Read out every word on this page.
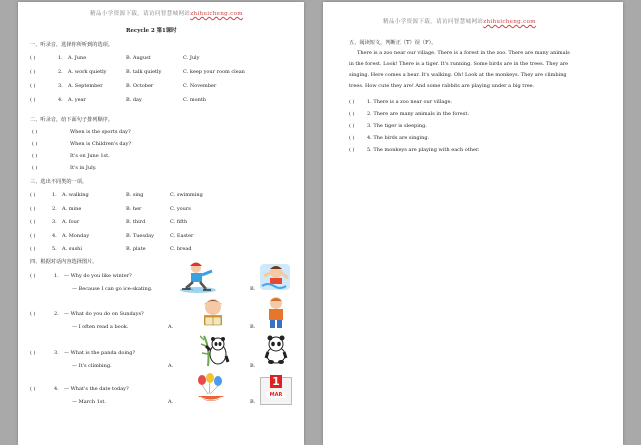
精品小学资源下载，请访问智慧城网站zhihuicheng.com
Recycle 2 第1课时
一、听录音，选择你所听到的选项。
二、听录音，给下面句子排列顺序。
三、选出不同类的一项。
四、根据对话内容选择图片。
1
MAR
( )	1. A. June	B. August	C. July
( )	2. A. work quietly	B. talk quietly	C. keep your room clean
( )	3. A. September	B. October	C. November
( )	4. A. year	B. day	C. month
( )	When is the sports day?
( )	When is Children's day?
( )	It's on June 1st.
( )	It's in July.
( )	1. A. walking	B. sing	C. swimming
( )	2. A. mine	B. her	C. yours
( )	3. A. four	B. third	C. fifth
( )	4. A. Monday	B. Tuesday	C. Easter
( )	5. A. sushi	B. plate	C. bread
( )	1. — Why do you like winter?
— Because I can go ice-skating.	A.	B.
( )	2. — What do you do on Sundays?
— I often read a book.	A.	B.
( )	3. — What is the panda doing?
— It's climbing.	A.	B.
( )	4. — What's the date today?
— March 1st.	A.	B.
精品小学资源下载，请访问智慧城网站zhihuicheng.com
五、阅读短文，判断正（T）误（F）。
There is a zoo near our village. There is a forest in the zoo. There are many animals
in the forest. Look! There is a tiger. It's running. Some birds are in the trees. They are
singing. Here comes a bear. It's walking. Oh! Look at the monkeys. They are climbing
trees. How cute they are! And some rabbits are playing under a big tree.
( )	1. There is a zoo near our village.
( )	2. There are many animals in the forest.
( )	3. The tiger is sleeping.
( )	4. The birds are singing.
( )	5. The monkeys are playing with each other.
